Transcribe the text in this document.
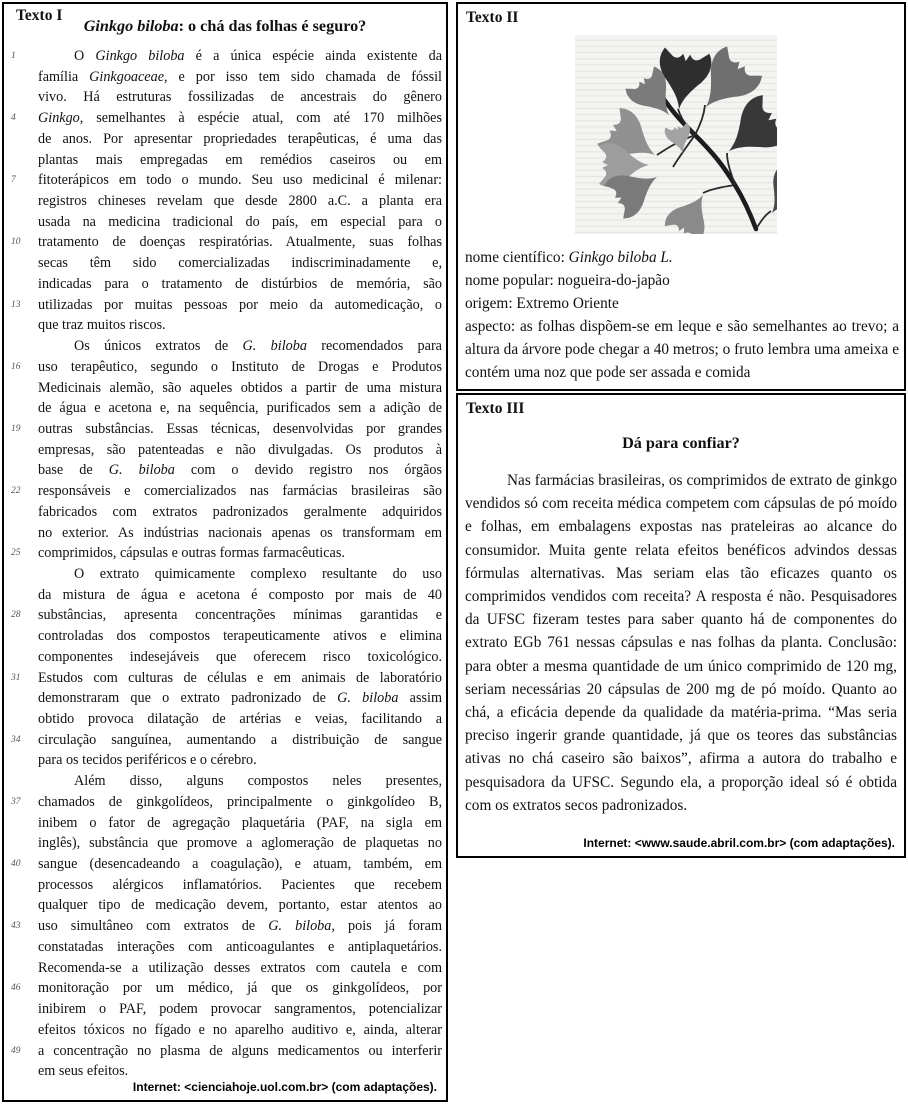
Texto I
Ginkgo biloba: o chá das folhas é seguro?
1	O Ginkgo biloba é a única espécie ainda existente da
família Ginkgoaceae, e por isso tem sido chamada de fóssil
vivo. Há estruturas fossilizadas de ancestrais do gênero
4 Ginkgo, semelhantes à espécie atual, com até 170 milhões
de anos. Por apresentar propriedades terapêuticas, é uma das
plantas mais empregadas em remédios caseiros ou em
7 fitoterápicos em todo o mundo. Seu uso medicinal é milenar:
registros chineses revelam que desde 2800 a.C. a planta era
usada na medicina tradicional do país, em especial para o
10 tratamento de doenças respiratórias. Atualmente, suas folhas
secas têm sido comercializadas indiscriminadamente e,
indicadas para o tratamento de distúrbios de memória, são
13 utilizadas por muitas pessoas por meio da automedicação, o
que traz muitos riscos.
Os únicos extratos de G. biloba recomendados para
16 uso terapêutico, segundo o Instituto de Drogas e Produtos
Medicinais alemão, são aqueles obtidos a partir de uma mistura
de água e acetona e, na sequência, purificados sem a adição de
19 outras substâncias. Essas técnicas, desenvolvidas por grandes
empresas, são patenteadas e não divulgadas. Os produtos à
base de G. biloba com o devido registro nos órgãos
22 responsáveis e comercializados nas farmácias brasileiras são
fabricados com extratos padronizados geralmente adquiridos
no exterior. As indústrias nacionais apenas os transformam em
25 comprimidos, cápsulas e outras formas farmacêuticas.
O extrato quimicamente complexo resultante do uso
da mistura de água e acetona é composto por mais de 40
28 substâncias, apresenta concentrações mínimas garantidas e
controladas dos compostos terapeuticamente ativos e elimina
componentes indesejáveis que oferecem risco toxicológico.
31 Estudos com culturas de células e em animais de laboratório
demonstraram que o extrato padronizado de G. biloba assim
obtido provoca dilatação de artérias e veias, facilitando a
34 circulação sanguínea, aumentando a distribuição de sangue
para os tecidos periféricos e o cérebro.
Além disso, alguns compostos neles presentes,
37 chamados de ginkgolídeos, principalmente o ginkgolídeo B,
inibem o fator de agregação plaquetária (PAF, na sigla em
inglês), substância que promove a aglomeração de plaquetas no
40 sangue (desencadeando a coagulação), e atuam, também, em
processos alérgicos inflamatórios. Pacientes que recebem
qualquer tipo de medicação devem, portanto, estar atentos ao
43 uso simultâneo com extratos de G. biloba, pois já foram
constatadas interações com anticoagulantes e antiplaquetários.
Recomenda-se a utilização desses extratos com cautela e com
46 monitoração por um médico, já que os ginkgolídeos, por
inibirem o PAF, podem provocar sangramentos, potencializar
efeitos tóxicos no fígado e no aparelho auditivo e, ainda, alterar
49 a concentração no plasma de alguns medicamentos ou interferir
em seus efeitos.
Internet: <cienciahoje.uol.com.br> (com adaptações).
Texto II
nome científico: Ginkgo biloba L.
nome popular: nogueira-do-japão
origem: Extremo Oriente
aspecto: as folhas dispõem-se em leque e são semelhantes ao trevo; a altura da árvore pode chegar a 40 metros; o fruto lembra uma ameixa e contém uma noz que pode ser assada e comida
Texto III
Dá para confiar?

Nas farmácias brasileiras, os comprimidos de extrato de ginkgo vendidos só com receita médica competem com cápsulas de pó moído e folhas, em embalagens expostas nas prateleiras ao alcance do consumidor. Muita gente relata efeitos benéficos advindos dessas fórmulas alternativas. Mas seriam elas tão eficazes quanto os comprimidos vendidos com receita? A resposta é não. Pesquisadores da UFSC fizeram testes para saber quanto há de componentes do extrato EGb 761 nessas cápsulas e nas folhas da planta. Conclusão: para obter a mesma quantidade de um único comprimido de 120 mg, seriam necessárias 20 cápsulas de 200 mg de pó moído. Quanto ao chá, a eficácia depende da qualidade da matéria-prima. “Mas seria preciso ingerir grande quantidade, já que os teores das substâncias ativas no chá caseiro são baixos”, afirma a autora do trabalho e pesquisadora da UFSC. Segundo ela, a proporção ideal só é obtida com os extratos secos padronizados.

Internet: <www.saude.abril.com.br> (com adaptações).
